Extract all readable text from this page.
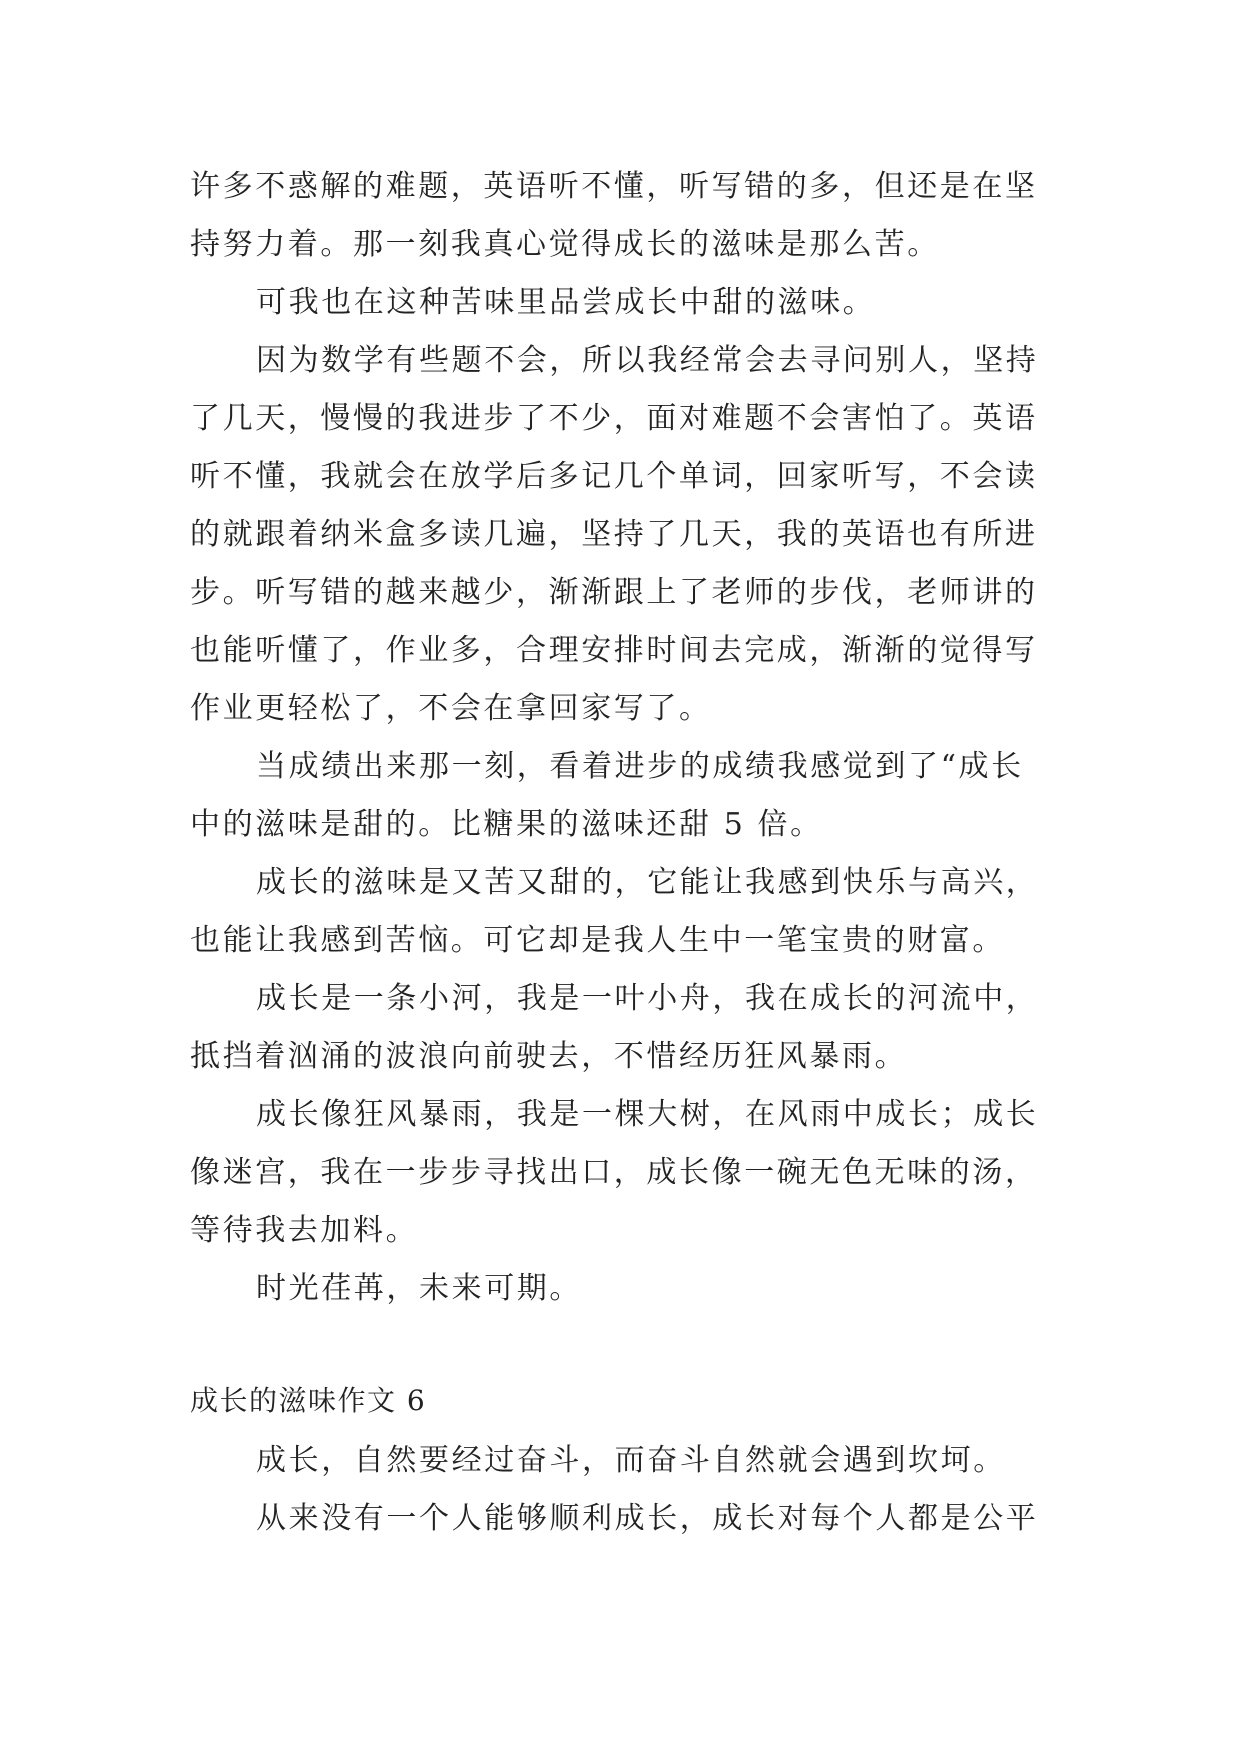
许多不惑解的难题，英语听不懂，听写错的多，但还是在坚
持努力着。那一刻我真心觉得成长的滋味是那么苦。
可我也在这种苦味里品尝成长中甜的滋味。
因为数学有些题不会，所以我经常会去寻问别人，坚持
了几天，慢慢的我进步了不少，面对难题不会害怕了。英语
听不懂，我就会在放学后多记几个单词，回家听写，不会读
的就跟着纳米盒多读几遍，坚持了几天，我的英语也有所进
步。听写错的越来越少，渐渐跟上了老师的步伐，老师讲的
也能听懂了，作业多，合理安排时间去完成，渐渐的觉得写
作业更轻松了，不会在拿回家写了。
当成绩出来那一刻，看着进步的成绩我感觉到了“成长
中的滋味是甜的。比糖果的滋味还甜 5 倍。
成长的滋味是又苦又甜的，它能让我感到快乐与高兴，
也能让我感到苦恼。可它却是我人生中一笔宝贵的财富。
成长是一条小河，我是一叶小舟，我在成长的河流中，
抵挡着汹涌的波浪向前驶去，不惜经历狂风暴雨。
成长像狂风暴雨，我是一棵大树，在风雨中成长；成长
像迷宫，我在一步步寻找出口，成长像一碗无色无味的汤，
等待我去加料。
时光荏苒，未来可期。
成长的滋味作文 6
成长，自然要经过奋斗，而奋斗自然就会遇到坎坷。
从来没有一个人能够顺利成长，成长对每个人都是公平
